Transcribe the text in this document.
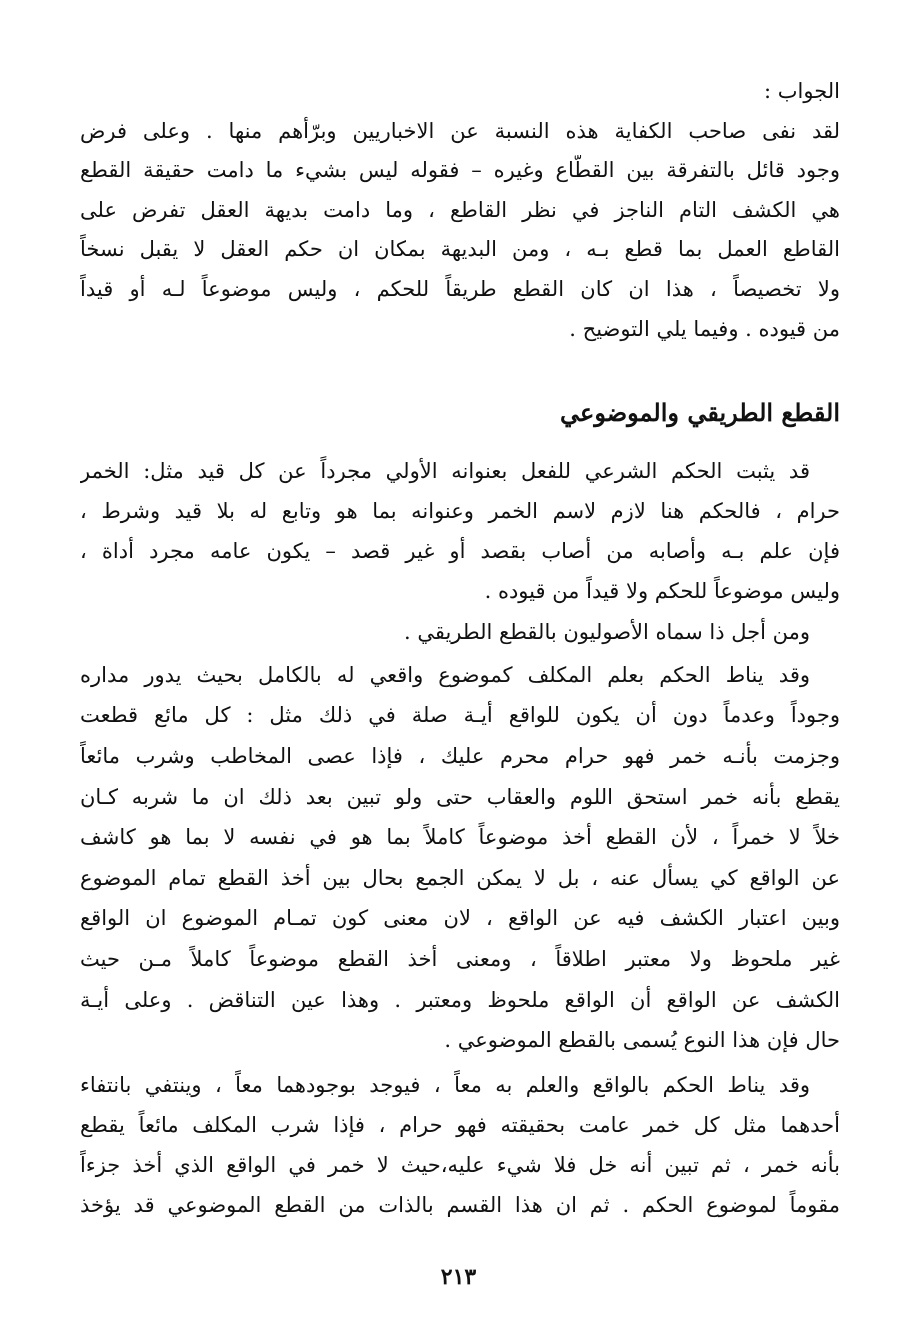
الجواب :
لقد نفى صاحب الكفاية هذه النسبة عن الاخباريين وبرّأهم منها . وعلى فرض
وجود قائل بالتفرقة بين القطّاع وغيره – فقوله ليس بشيء ما دامت حقيقة القطع
هي الكشف التام الناجز في نظر القاطع ، وما دامت بديهة العقل تفرض على
القاطع العمل بما قطع بـه ، ومن البديهة بمكان ان حكم العقل لا يقبل نسخاً
ولا تخصيصاً ، هذا ان كان القطع طريقاً للحكم ، وليس موضوعاً لـه أو قيداً
من قيوده . وفيما يلي التوضيح .
القطع الطريقي والموضوعي
قد يثبت الحكم الشرعي للفعل بعنوانه الأولي مجرداً عن كل قيد مثل: الخمر
حرام ، فالحكم هنا لازم لاسم الخمر وعنوانه بما هو وتابع له بلا قيد وشرط ،
فإن علم بـه وأصابه من أصاب بقصد أو غير قصد – يكون عامه مجرد أداة ،
وليس موضوعاً للحكم ولا قيداً من قيوده .
ومن أجل ذا سماه الأصوليون بالقطع الطريقي .
وقد يناط الحكم بعلم المكلف كموضوع واقعي له بالكامل بحيث يدور مداره
وجوداً وعدماً دون أن يكون للواقع أيـة صلة في ذلك مثل : كل مائع قطعت
وجزمت بأنـه خمر فهو حرام محرم عليك ، فإذا عصى المخاطب وشرب مائعاً
يقطع بأنه خمر استحق اللوم والعقاب حتى ولو تبين بعد ذلك ان ما شربه كـان
خلاً لا خمراً ، لأن القطع أخذ موضوعاً كاملاً بما هو في نفسه لا بما هو كاشف
عن الواقع كي يسأل عنه ، بل لا يمكن الجمع بحال بين أخذ القطع تمام الموضوع
وبين اعتبار الكشف فيه عن الواقع ، لان معنى كون تمـام الموضوع ان الواقع
غير ملحوظ ولا معتبر اطلاقاً ، ومعنى أخذ القطع موضوعاً كاملاً مـن حيث
الكشف عن الواقع أن الواقع ملحوظ ومعتبر . وهذا عين التناقض . وعلى أيـة
حال فإن هذا النوع يُسمى بالقطع الموضوعي .
وقد يناط الحكم بالواقع والعلم به معاً ، فيوجد بوجودهما معاً ، وينتفي بانتفاء
أحدهما مثل كل خمر عامت بحقيقته فهو حرام ، فإذا شرب المكلف مائعاً يقطع
بأنه خمر ، ثم تبين أنه خل فلا شيء عليه،حيث لا خمر في الواقع الذي أخذ جزءاً
مقوماً لموضوع الحكم . ثم ان هذا القسم بالذات من القطع الموضوعي قد يؤخذ
٢١٣
